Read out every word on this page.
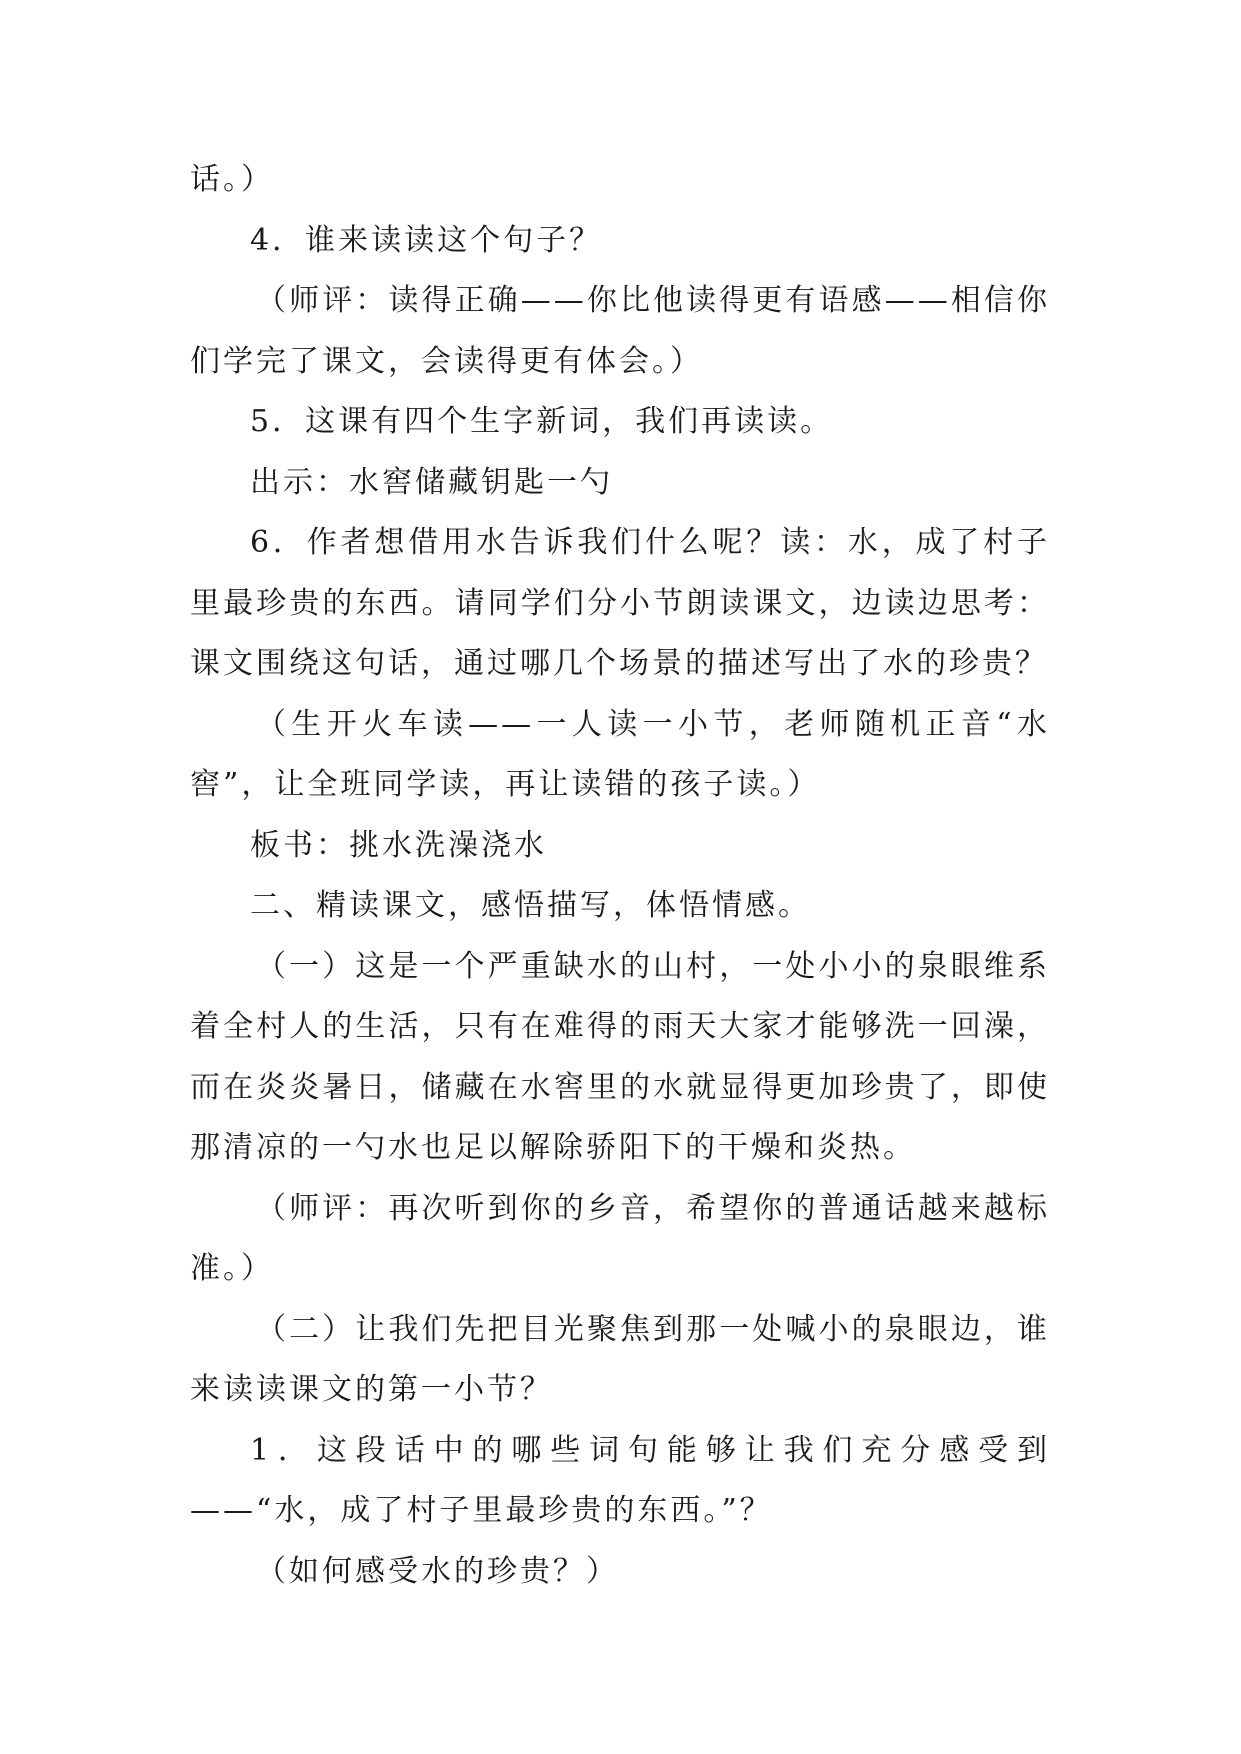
话。）

4．谁来读读这个句子？

（师评：读得正确——你比他读得更有语感——相信你们学完了课文，会读得更有体会。）

5．这课有四个生字新词，我们再读读。

出示：水窖储藏钥匙一勺

6．作者想借用水告诉我们什么呢？读：水，成了村子里最珍贵的东西。请同学们分小节朗读课文，边读边思考：课文围绕这句话，通过哪几个场景的描述写出了水的珍贵？

（生开火车读——一人读一小节，老师随机正音“水窖”，让全班同学读，再让读错的孩子读。）

板书：挑水洗澡浇水

二、精读课文，感悟描写，体悟情感。

（一）这是一个严重缺水的山村，一处小小的泉眼维系着全村人的生活，只有在难得的雨天大家才能够洗一回澡，而在炎炎暑日，储藏在水窖里的水就显得更加珍贵了，即使那清凉的一勺水也足以解除骄阳下的干燥和炎热。

（师评：再次听到你的乡音，希望你的普通话越来越标准。）

（二）让我们先把目光聚焦到那一处喊小的泉眼边，谁来读读课文的第一小节？

1．这段话中的哪些词句能够让我们充分感受到——“水，成了村子里最珍贵的东西。”？

（如何感受水的珍贵？）
